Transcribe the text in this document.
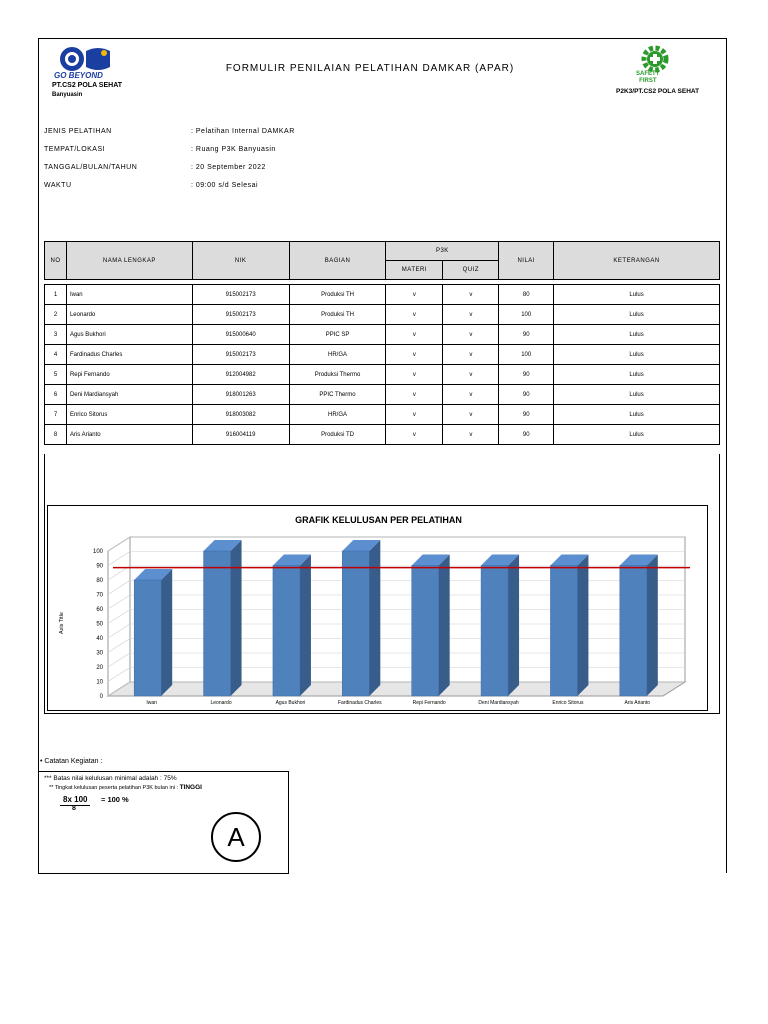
GO BEYOND
PT.CS2 POLA SEHAT
Banyuasin
FORMULIR PENILAIAN PELATIHAN DAMKAR (APAR)	SAFETY
FIRST
P2K3/PT.CS2 POLA SEHAT
JENIS PELATIHAN	: Pelatihan Internal DAMKAR
TEMPAT/LOKASI	: Ruang P3K Banyuasin
TANGGAL/BULAN/TAHUN	: 20 September 2022
WAKTU	: 09:00 s/d Selesai
NO	NAMA LENGKAP	NIK	BAGIAN	P3K		NILAI	KETERANGAN
				MATERI	QUIZ		

1	Iwan	915002173	Produksi TH	v	v	80	Lulus
2	Leonardo	915002173	Produksi TH	v	v	100	Lulus
3	Agus Bukhori	915000640	PPIC SP	v	v	90	Lulus
4	Fardinadus Charles	915002173	HR/GA	v	v	100	Lulus
5	Repi Fernando	912004982	Produksi Thermo	v	v	90	Lulus
6	Deni Mardiansyah	918001263	PPIC Thermo	v	v	90	Lulus
7	Enrico Sitorus	918003082	HR/GA	v	v	90	Lulus
8	Aris Arianto	916004119	Produksi TD	v	v	90	Lulus
GRAFIK KELULUSAN PER PELATIHAN
0
10
20
30
40
50
60
70
80
90
100
Axis Title
Iwan	Leonardo	Agus Bukhori	Fardinadus Charles	Repi Fernando	Deni Mardiansyah	Enrico Sitorus	Aris Arianto
• Catatan Kegiatan :
*** Batas nilai kelulusan minimal adalah : 75%
** Tingkat kelulusan peserta pelatihan P3K bulan ini : TINGGI
8x 100
8
= 100 %
A
